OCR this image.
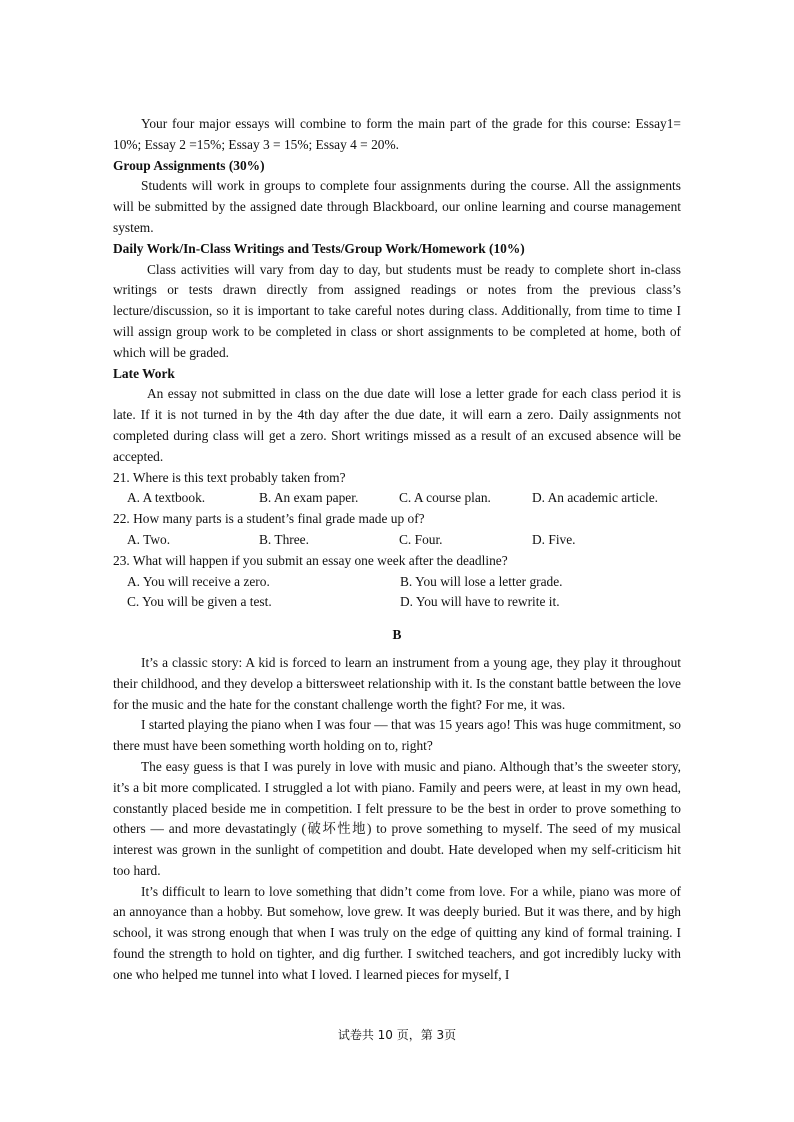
Your four major essays will combine to form the main part of the grade for this course: Essay1= 10%; Essay 2 =15%; Essay 3 = 15%; Essay 4 = 20%.

Group Assignments (30%)

Students will work in groups to complete four assignments during the course. All the assignments will be submitted by the assigned date through Blackboard, our online learning and course management system.

Daily Work/In-Class Writings and Tests/Group Work/Homework (10%)

Class activities will vary from day to day, but students must be ready to complete short in-class writings or tests drawn directly from assigned readings or notes from the previous class’s lecture/discussion, so it is important to take careful notes during class. Additionally, from time to time I will assign group work to be completed in class or short assignments to be completed at home, both of which will be graded.

Late Work

An essay not submitted in class on the due date will lose a letter grade for each class period it is late. If it is not turned in by the 4th day after the due date, it will earn a zero. Daily assignments not completed during class will get a zero. Short writings missed as a result of an excused absence will be accepted.

21. Where is this text probably taken from?

A. A textbook.	B. An exam paper.	C. A course plan.	D. An academic article.

22. How many parts is a student’s final grade made up of?

A. Two.	B. Three.	C. Four.	D. Five.

23. What will happen if you submit an essay one week after the deadline?

A. You will receive a zero.	B. You will lose a letter grade.
C. You will be given a test.	D. You will have to rewrite it.
B

It’s a classic story: A kid is forced to learn an instrument from a young age, they play it throughout their childhood, and they develop a bittersweet relationship with it. Is the constant battle between the love for the music and the hate for the constant challenge worth the fight? For me, it was.

I started playing the piano when I was four — that was 15 years ago! This was huge commitment, so there must have been something worth holding on to, right?

The easy guess is that I was purely in love with music and piano. Although that’s the sweeter story, it’s a bit more complicated. I struggled a lot with piano. Family and peers were, at least in my own head, constantly placed beside me in competition. I felt pressure to be the best in order to prove something to others — and more devastatingly (破坏性地) to prove something to myself. The seed of my musical interest was grown in the sunlight of competition and doubt. Hate developed when my self-criticism hit too hard.

It’s difficult to learn to love something that didn’t come from love. For a while, piano was more of an annoyance than a hobby. But somehow, love grew. It was deeply buried. But it was there, and by high school, it was strong enough that when I was truly on the edge of quitting any kind of formal training. I found the strength to hold on tighter, and dig further. I switched teachers, and got incredibly lucky with one who helped me tunnel into what I loved. I learned pieces for myself, I

试卷共 10 页，第 3页
